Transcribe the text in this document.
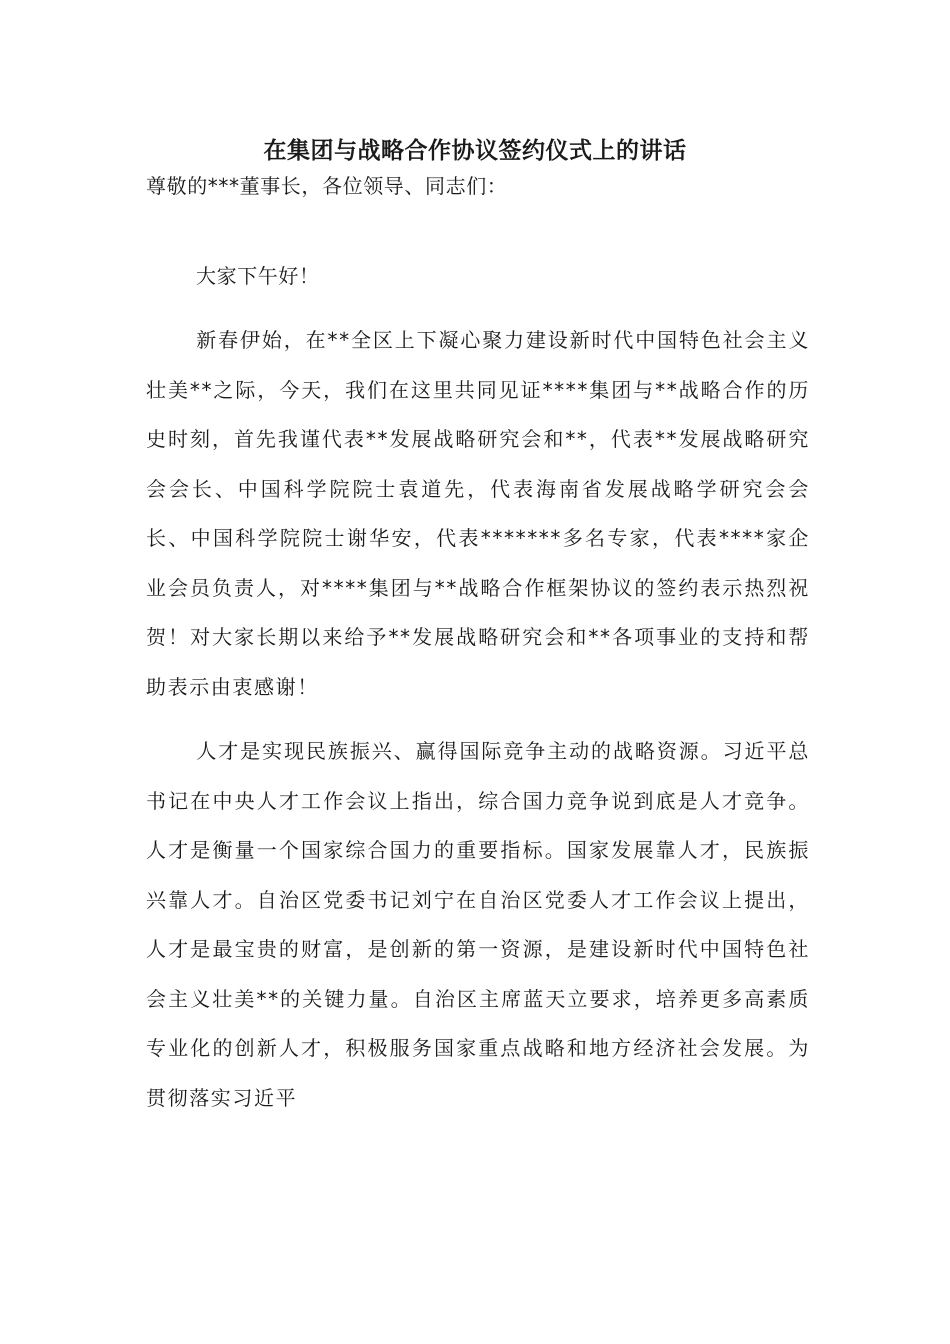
在集团与战略合作协议签约仪式上的讲话
尊敬的***董事长，各位领导、同志们：
大家下午好！
新春伊始，在**全区上下凝心聚力建设新时代中国特色社会主义壮美**之际，今天，我们在这里共同见证****集团与**战略合作的历史时刻，首先我谨代表**发展战略研究会和**，代表**发展战略研究会会长、中国科学院院士袁道先，代表海南省发展战略学研究会会长、中国科学院院士谢华安，代表*******多名专家，代表****家企业会员负责人，对****集团与**战略合作框架协议的签约表示热烈祝贺！对大家长期以来给予**发展战略研究会和**各项事业的支持和帮助表示由衷感谢！
人才是实现民族振兴、赢得国际竞争主动的战略资源。习近平总书记在中央人才工作会议上指出，综合国力竞争说到底是人才竞争。人才是衡量一个国家综合国力的重要指标。国家发展靠人才，民族振兴靠人才。自治区党委书记刘宁在自治区党委人才工作会议上提出，人才是最宝贵的财富，是创新的第一资源，是建设新时代中国特色社会主义壮美**的关键力量。自治区主席蓝天立要求，培养更多高素质专业化的创新人才，积极服务国家重点战略和地方经济社会发展。为贯彻落实习近平
